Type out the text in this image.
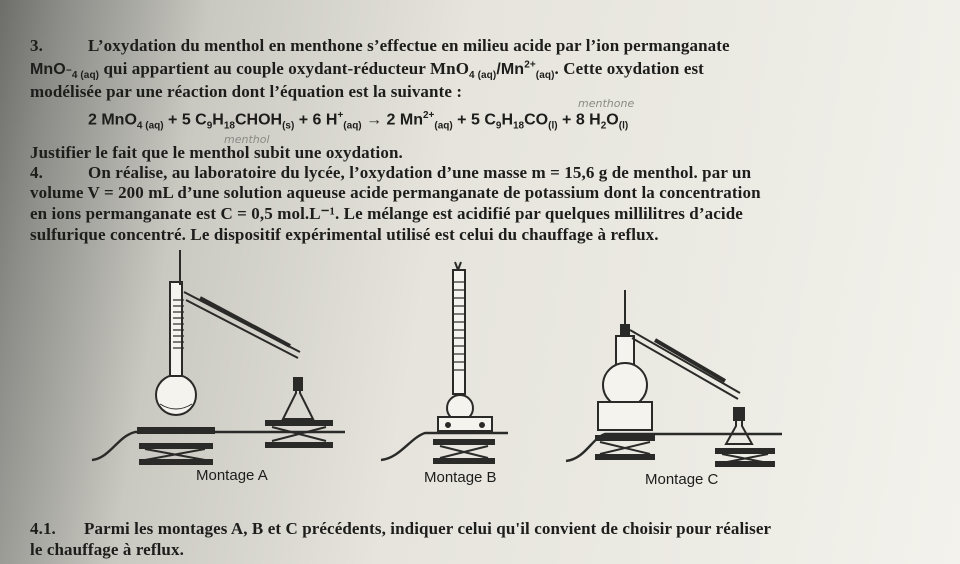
3.	L’oxydation du menthol en menthone s’effectue en milieu acide par l’ion permanganate
MnO$_{^-4 (aq)}$ qui appartient au couple oxydant-réducteur $MnO_{4 (aq)}/Mn^{2+}_{(aq)}$. Cette oxydation est
modélisée par une réaction dont l’équation est la suivante :
menthone
2 MnO$_{4 (aq)}$ + 5 $C_9H_{18}CHOH_{(s)} + 6$ $H^+_{(aq)} \to 2$ $Mn^{2+}_{(aq)} + 5$ $C_9H_{18}CO_{(l)} + 8$ $H_2O_{(l)}$
menthol
Justifier le fait que le menthol subit une oxydation.
4.	On réalise, au laboratoire du lycée, l’oxydation d’une masse m = 15,6 g de menthol. par un
volume V = 200 mL d’une solution aqueuse acide permanganate de potassium dont la concentration
en ions permanganate est C = 0,5 mol.L⁻¹. Le mélange est acidifié par quelques millilitres d’acide
sulfurique concentré. Le dispositif expérimental utilisé est celui du chauffage à reflux.
Montage A	Montage B	Montage C
4.1. Parmi les montages A, B et C précédents, indiquer celui qu'il convient de choisir pour réaliser
le chauffage à reflux.
